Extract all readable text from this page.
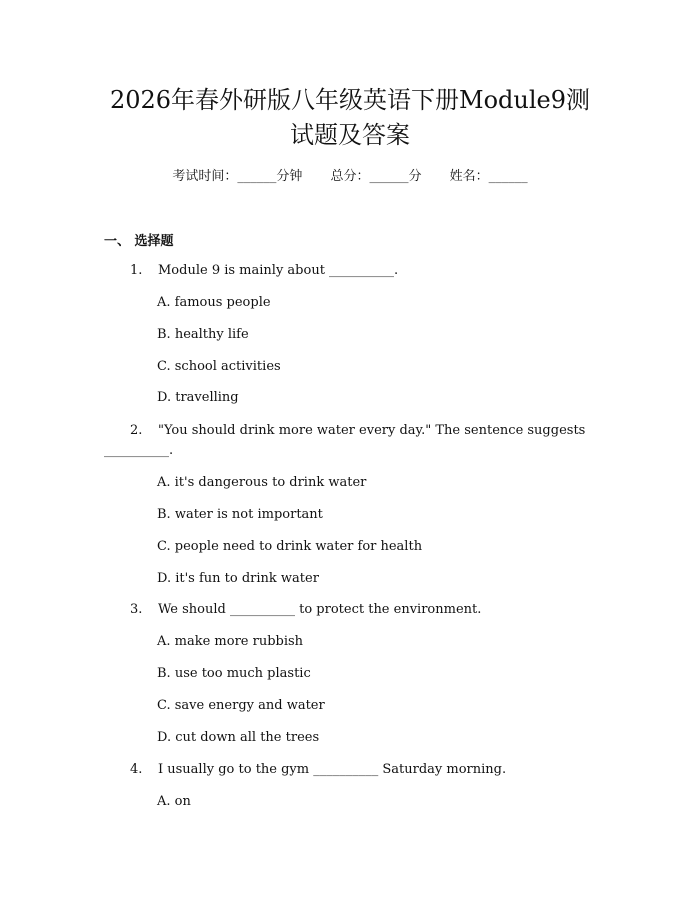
2026年春外研版八年级英语下册Module9测
试题及答案
考试时间：______分钟 总分：______分 姓名：______
一、 选择题
1. Module 9 is mainly about __________.
A. famous people
B. healthy life
C. school activities
D. travelling
2. "You should drink more water every day." The sentence suggests
__________.
A. it's dangerous to drink water
B. water is not important
C. people need to drink water for health
D. it's fun to drink water
3. We should __________ to protect the environment.
A. make more rubbish
B. use too much plastic
C. save energy and water
D. cut down all the trees
4. I usually go to the gym __________ Saturday morning.
A. on
